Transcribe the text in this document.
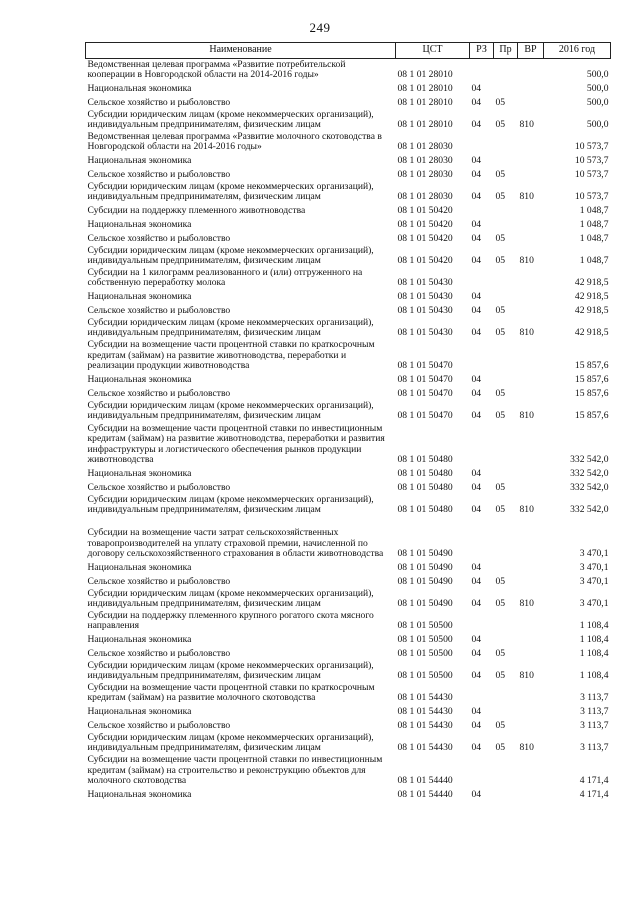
249
Наименование	ЦСТ	РЗ	Пр	ВР	2016 год
Ведомственная целевая программа «Развитие потребительской кооперации в Новгородской области на 2014-2016 годы»	08 1 01 28010				500,0
Национальная экономика	08 1 01 28010	04			500,0
Сельское хозяйство и рыболовство	08 1 01 28010	04	05		500,0
Субсидии юридическим лицам (кроме некоммерческих организаций), индивидуальным предпринимателям, физическим лицам	08 1 01 28010	04	05	810	500,0
Ведомственная целевая программа «Развитие молочного скотоводства в Новгородской области на 2014-2016 годы»	08 1 01 28030				10 573,7
Национальная экономика	08 1 01 28030	04			10 573,7
Сельское хозяйство и рыболовство	08 1 01 28030	04	05		10 573,7
Субсидии юридическим лицам (кроме некоммерческих организаций), индивидуальным предпринимателям, физическим лицам	08 1 01 28030	04	05	810	10 573,7
Субсидии на поддержку племенного животноводства	08 1 01 50420				1 048,7
Национальная экономика	08 1 01 50420	04			1 048,7
Сельское хозяйство и рыболовство	08 1 01 50420	04	05		1 048,7
Субсидии юридическим лицам (кроме некоммерческих организаций), индивидуальным предпринимателям, физическим лицам	08 1 01 50420	04	05	810	1 048,7
Субсидии на 1 килограмм реализованного и (или) отгруженного на собственную переработку молока	08 1 01 50430				42 918,5
Национальная экономика	08 1 01 50430	04			42 918,5
Сельское хозяйство и рыболовство	08 1 01 50430	04	05		42 918,5
Субсидии юридическим лицам (кроме некоммерческих организаций), индивидуальным предпринимателям, физическим лицам	08 1 01 50430	04	05	810	42 918,5
Субсидии на возмещение части процентной ставки по краткосрочным кредитам (займам) на развитие животноводства, переработки и реализации продукции животноводства	08 1 01 50470				15 857,6
Национальная экономика	08 1 01 50470	04			15 857,6
Сельское хозяйство и рыболовство	08 1 01 50470	04	05		15 857,6
Субсидии юридическим лицам (кроме некоммерческих организаций), индивидуальным предпринимателям, физическим лицам	08 1 01 50470	04	05	810	15 857,6
Субсидии на возмещение части процентной ставки по инвестиционным кредитам (займам) на развитие животноводства, переработки и развития инфраструктуры и логистического обеспечения рынков продукции животноводства	08 1 01 50480				332 542,0
Национальная экономика	08 1 01 50480	04			332 542,0
Сельское хозяйство и рыболовство	08 1 01 50480	04	05		332 542,0
Субсидии юридическим лицам (кроме некоммерческих организаций), индивидуальным предпринимателям, физическим лицам	08 1 01 50480	04	05	810	332 542,0
Субсидии на возмещение части затрат сельскохозяйственных товаропроизводителей на уплату страховой премии, начисленной по договору сельскохозяйственного страхования в области животноводства	08 1 01 50490				3 470,1
Национальная экономика	08 1 01 50490	04			3 470,1
Сельское хозяйство и рыболовство	08 1 01 50490	04	05		3 470,1
Субсидии юридическим лицам (кроме некоммерческих организаций), индивидуальным предпринимателям, физическим лицам	08 1 01 50490	04	05	810	3 470,1
Субсидии на поддержку племенного крупного рогатого скота мясного направления	08 1 01 50500				1 108,4
Национальная экономика	08 1 01 50500	04			1 108,4
Сельское хозяйство и рыболовство	08 1 01 50500	04	05		1 108,4
Субсидии юридическим лицам (кроме некоммерческих организаций), индивидуальным предпринимателям, физическим лицам	08 1 01 50500	04	05	810	1 108,4
Субсидии на возмещение части процентной ставки по краткосрочным кредитам (займам) на развитие молочного скотоводства	08 1 01 54430				3 113,7
Национальная экономика	08 1 01 54430	04			3 113,7
Сельское хозяйство и рыболовство	08 1 01 54430	04	05		3 113,7
Субсидии юридическим лицам (кроме некоммерческих организаций), индивидуальным предпринимателям, физическим лицам	08 1 01 54430	04	05	810	3 113,7
Субсидии на возмещение части процентной ставки по инвестиционным кредитам (займам) на строительство и реконструкцию объектов для молочного скотоводства	08 1 01 54440				4 171,4
Национальная экономика	08 1 01 54440	04			4 171,4
